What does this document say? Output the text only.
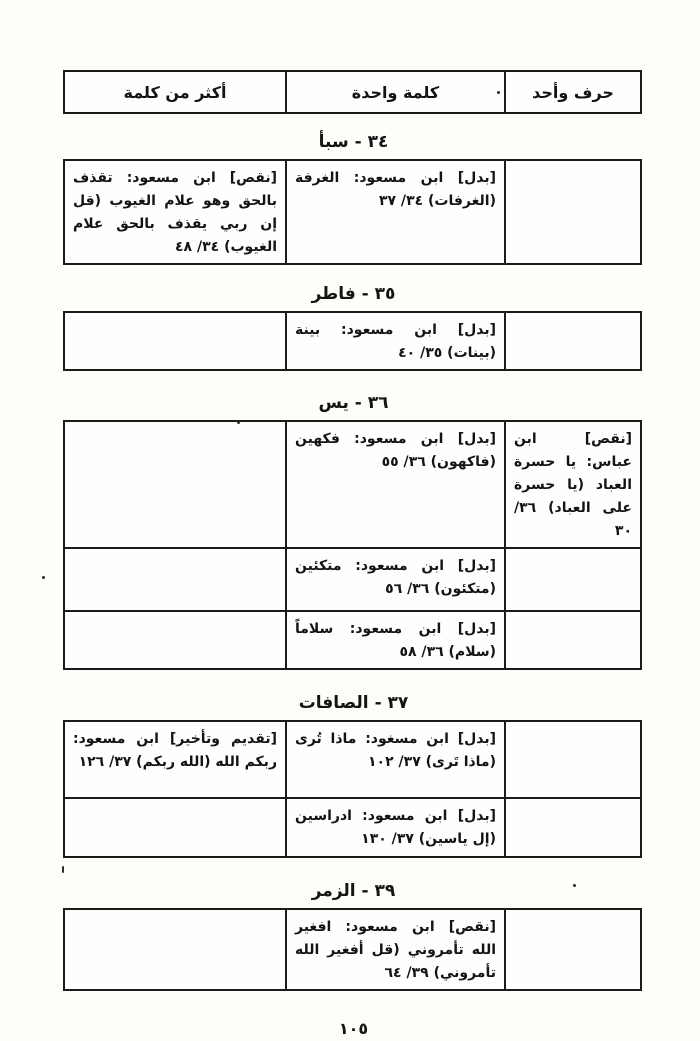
حرف وأحد	كلمة واحدة	أكثر من كلمة
٣٤ - سبأ
	[بدل] ابن مسعود: الغرفة (الغرفات) ٣٤/ ٣٧	[نقص] ابن مسعود: تقذف بالحق وهو علام الغيوب (قل إن ربي يقذف بالحق علام الغيوب) ٣٤/ ٤٨
٣٥ - فاطر
	[بدل] ابن مسعود: بينة (بينات) ٣٥/ ٤٠	
٣٦ - يس
[نقص] ابن عباس: يا حسرة العباد (يا حسرة على العباد) ٣٦/ ٣٠	[بدل] ابن مسعود: فكهين (فاكهون) ٣٦/ ٥٥	
	[بدل] ابن مسعود: متكئين (متكئون) ٣٦/ ٥٦	
	[بدل] ابن مسعود: سلاماً (سلام) ٣٦/ ٥٨	
٣٧ - الصافات
	[بدل] ابن مسغود: ماذا تُرى (ماذا تَرى) ٣٧/ ١٠٢	[تقديم وتأخير] ابن مسعود: ربكم الله (الله ربكم) ٣٧/ ١٢٦
	[بدل] ابن مسعود: ادراسين (إل ياسين) ٣٧/ ١٣٠	
٣٩ - الزمر
	[نقص] ابن مسعود: افغير الله تأمروني (قل أفغير الله تأمروني) ٣٩/ ٦٤	
١٠٥
